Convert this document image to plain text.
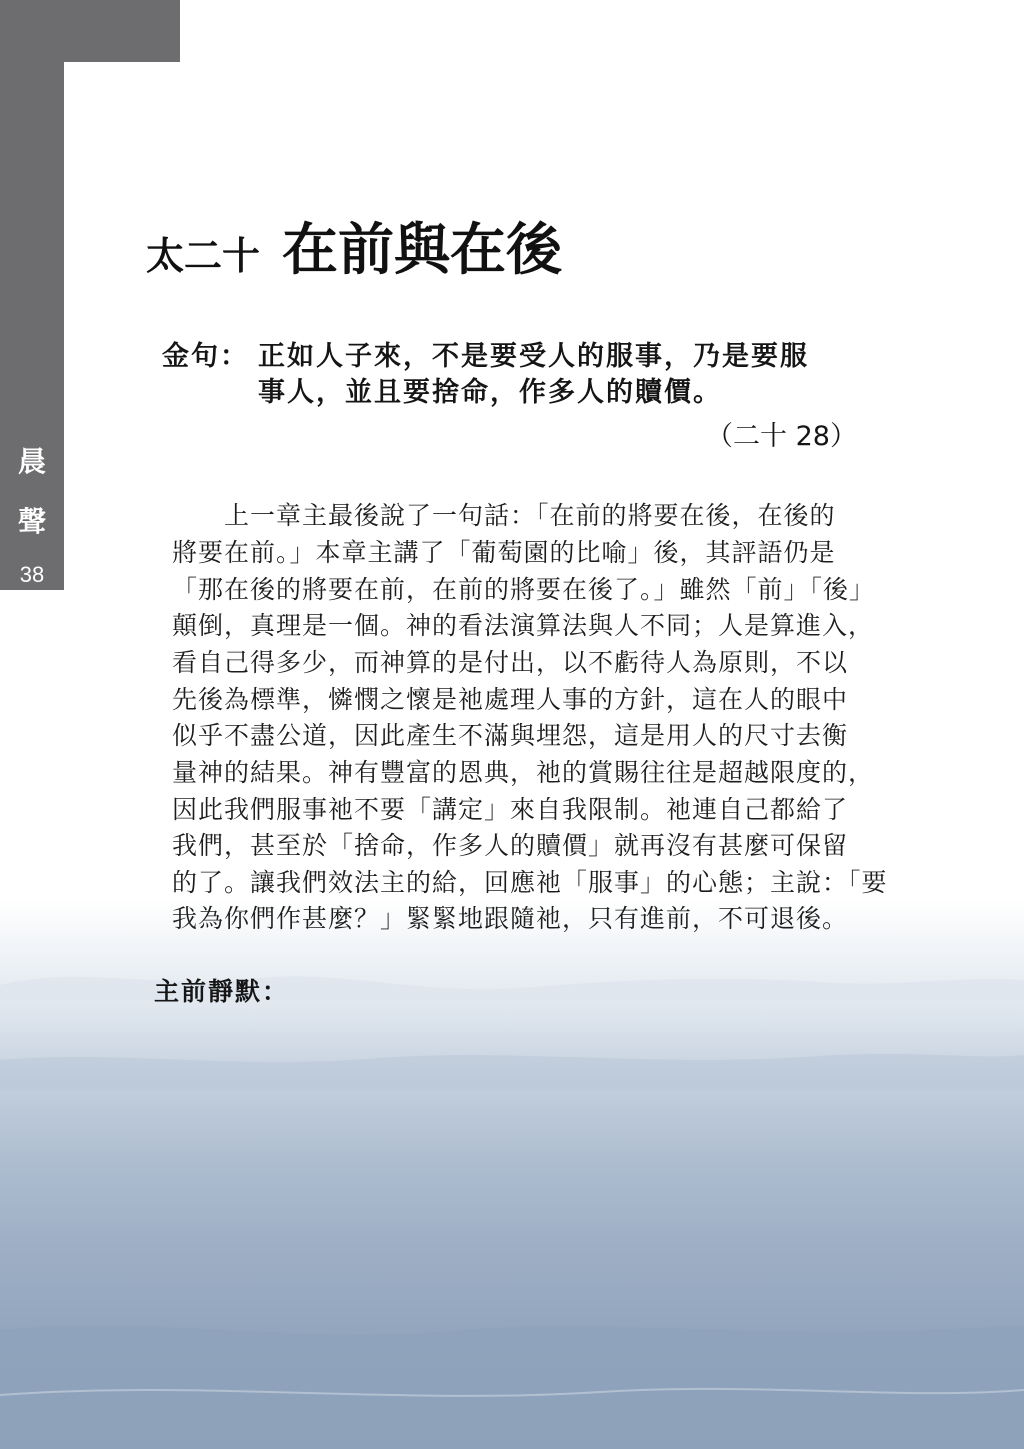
晨
聲
38
太二十 在前與在後
金句： 正如人子來，不是要受人的服事，乃是要服
事人，並且要捨命，作多人的贖價。
（二十 28）
　　上一章主最後說了一句話：「在前的將要在後，在後的
將要在前。」本章主講了「葡萄園的比喻」後，其評語仍是
「那在後的將要在前，在前的將要在後了。」雖然「前」「後」
顛倒，真理是一個。神的看法演算法與人不同；人是算進入，
看自己得多少，而神算的是付出，以不虧待人為原則，不以
先後為標準，憐憫之懷是祂處理人事的方針，這在人的眼中
似乎不盡公道，因此產生不滿與埋怨，這是用人的尺寸去衡
量神的結果。神有豐富的恩典，祂的賞賜往往是超越限度的，
因此我們服事祂不要「講定」來自我限制。祂連自己都給了
我們，甚至於「捨命，作多人的贖價」就再沒有甚麼可保留
的了。讓我們效法主的給，回應祂「服事」的心態；主說：「要
我為你們作甚麼？」緊緊地跟隨祂，只有進前，不可退後。
主前靜默：
